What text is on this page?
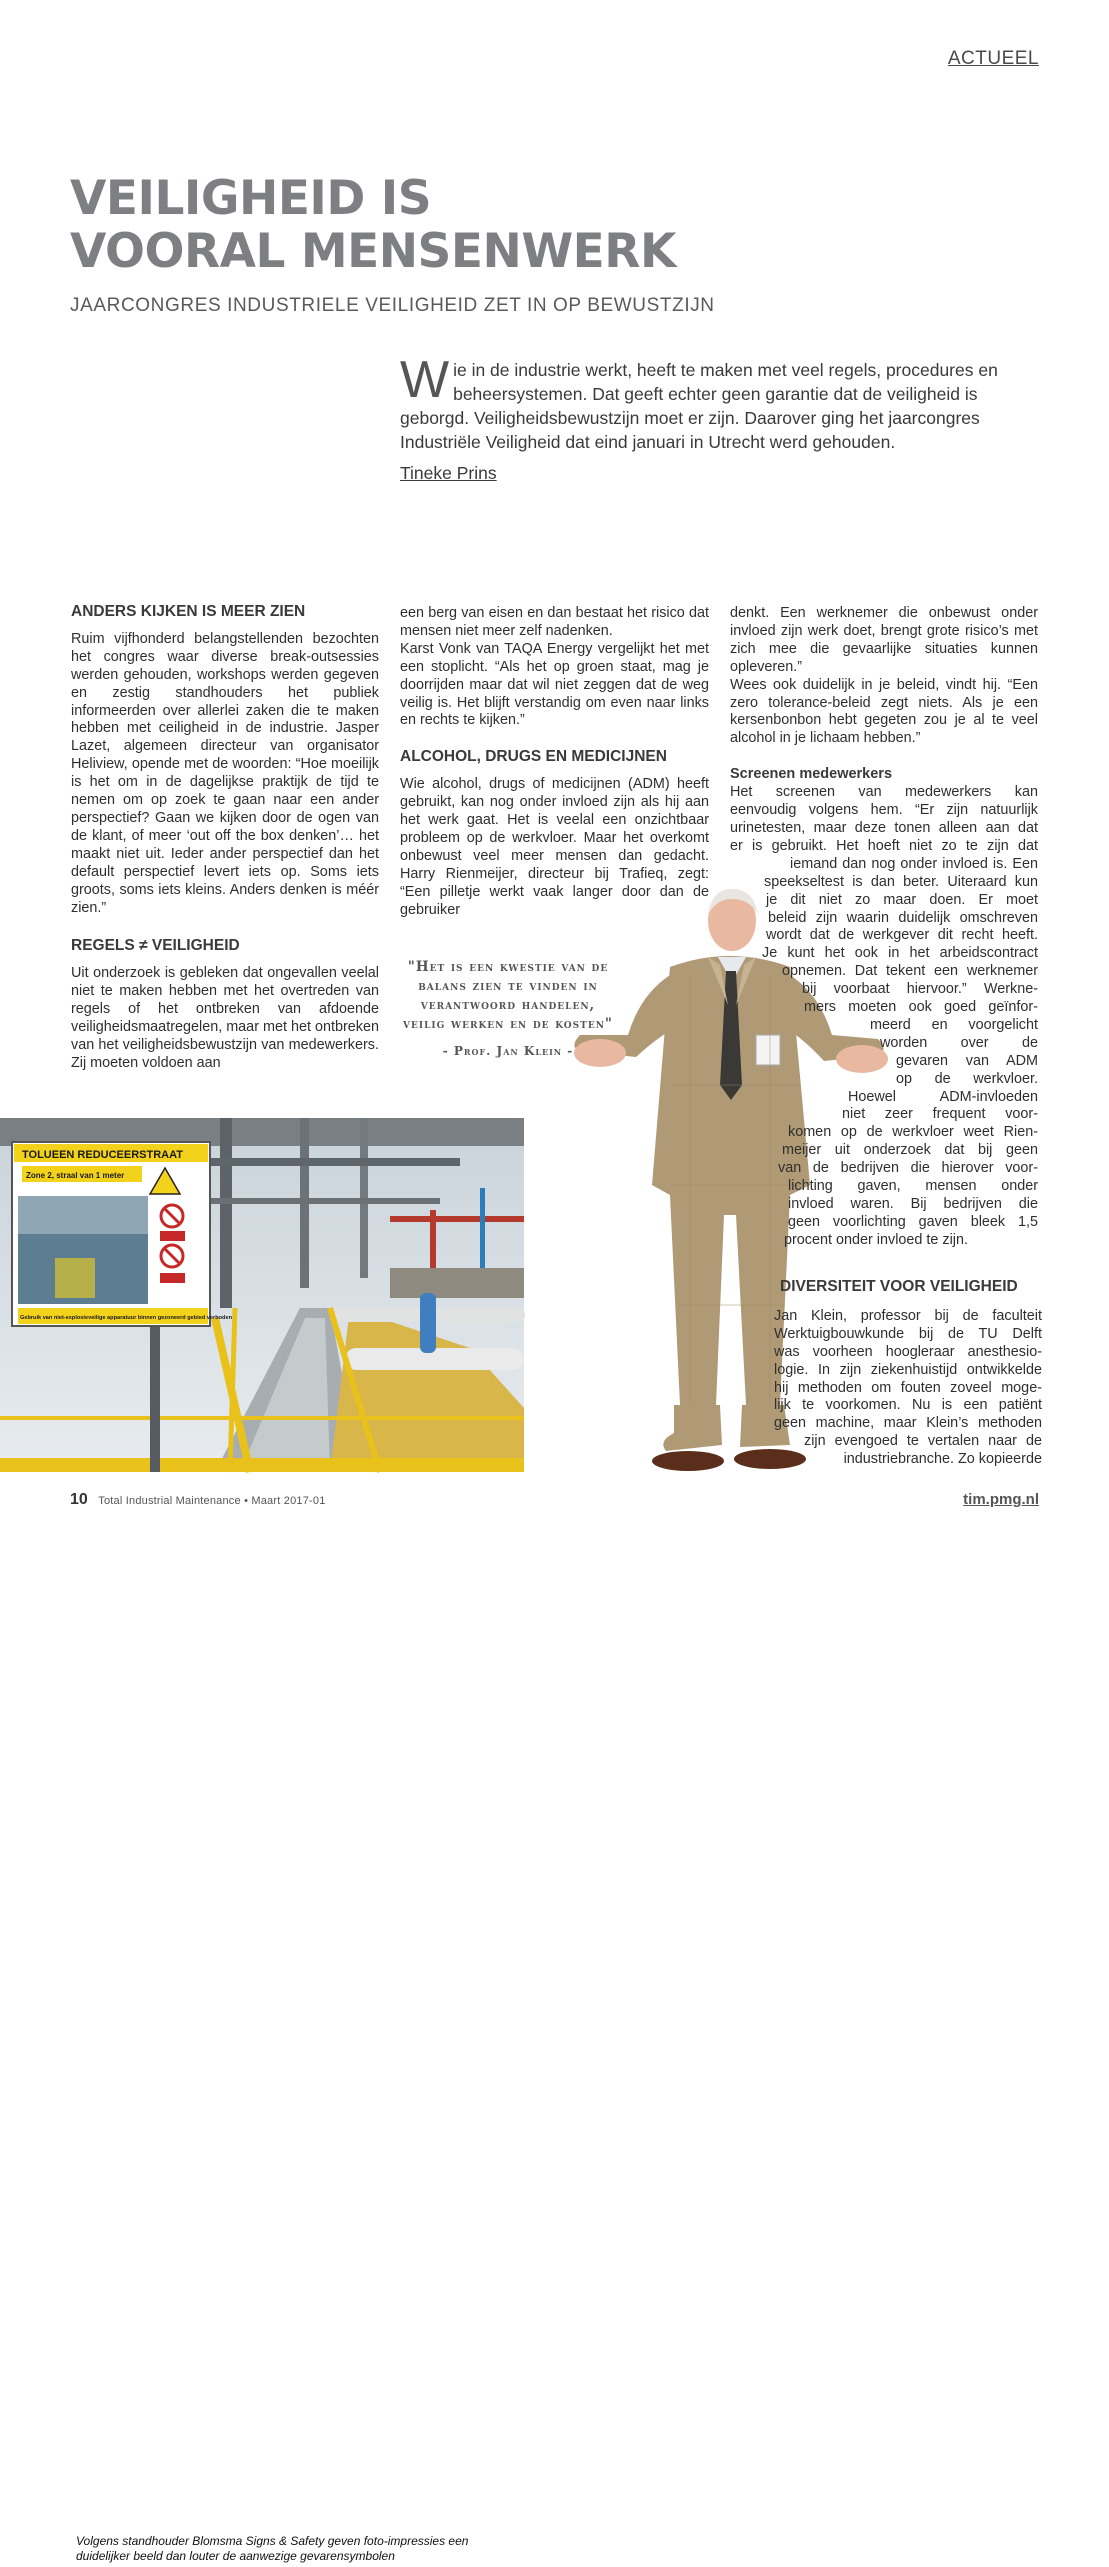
ACTUEEL
VEILIGHEID IS
VOORAL MENSENWERK
JAARCONGRES INDUSTRIELE VEILIGHEID ZET IN OP BEWUSTZIJN
W ie in de industrie werkt, heeft te maken met veel regels, procedures en beheersystemen. Dat geeft echter geen garantie dat de veiligheid is geborgd. Veiligheidsbewustzijn moet er zijn. Daarover ging het jaarcongres Industriële Veiligheid dat eind januari in Utrecht werd gehouden.
Tineke Prins
ANDERS KIJKEN IS MEER ZIEN

Ruim vijfhonderd belangstellenden bezochten het congres waar diverse break-outsessies werden gehouden, workshops werden gegeven en zestig standhouders het publiek informeerden over allerlei zaken die te maken hebben met ceiligheid in de industrie. Jasper Lazet, algemeen directeur van organisator Heliview, opende met de woorden: “Hoe moeilijk is het om in de dagelijkse praktijk de tijd te nemen om op zoek te gaan naar een ander perspectief? Gaan we kijken door de ogen van de klant, of meer ‘out off the box denken’… het maakt niet uit. Ieder ander perspectief dan het default perspectief levert iets op. Soms iets groots, soms iets kleins. Anders denken is méér zien.”

REGELS ≠ VEILIGHEID

Uit onderzoek is gebleken dat ongevallen veelal niet te maken hebben met het overtreden van regels of het ontbreken van afdoende veiligheidsmaatregelen, maar met het ontbreken van het veiligheidsbewustzijn van medewerkers. Zij moeten voldoen aan

een berg van eisen en dan bestaat het risico dat mensen niet meer zelf nadenken.

Karst Vonk van TAQA Energy vergelijkt het met een stoplicht. “Als het op groen staat, mag je doorrijden maar dat wil niet zeggen dat de weg veilig is. Het blijft verstandig om even naar links en rechts te kijken.”

ALCOHOL, DRUGS EN MEDICIJNEN

Wie alcohol, drugs of medicijnen (ADM) heeft gebruikt, kan nog onder invloed zijn als hij aan het werk gaat. Het is veelal een onzichtbaar probleem op de werkvloer. Maar het overkomt onbewust veel meer mensen dan gedacht. Harry Rienmeijer, directeur bij Trafieq, zegt: “Een pilletje werkt vaak langer door dan de gebruiker

"Het is een kwestie van de balans zien te vinden in verantwoord handelen, veilig werken en de kosten"
- Prof. Jan Klein -
TOLUEEN REDUCEERSTRAAT
Zone 2, straal van 1 meter
Gebruik van niet-explosieveilige apparatuur binnen gezoneerd gebied verboden
Volgens standhouder Blomsma Signs & Safety geven foto-impressies een duidelijker beeld dan louter de aanwezige gevarensymbolen

denkt. Een werknemer die onbewust onder invloed zijn werk doet, brengt grote risico’s met zich mee die gevaarlijke situaties kunnen opleveren.”

Wees ook duidelijk in je beleid, vindt hij. “Een zero tolerance-beleid zegt niets. Als je een kersenbonbon hebt gegeten zou je al te veel alcohol in je lichaam hebben.”

Screenen medewerkers
Het screenen van medewerkers kan
eenvoudig volgens hem. “Er zijn natuurlijk
urinetesten, maar deze tonen alleen aan dat
er is gebruikt. Het hoeft niet zo te zijn dat
iemand dan nog onder invloed is. Een
speekseltest is dan beter. Uiteraard kun
je dit niet zo maar doen. Er moet
beleid zijn waarin duidelijk omschreven
wordt dat de werkgever dit recht heeft.
Je kunt het ook in het arbeidscontract
opnemen. Dat tekent een werknemer
bij voorbaat hiervoor.” Werkne-
mers moeten ook goed geïnfor-
meerd en voorgelicht
worden over de
gevaren van ADM
op de werkvloer.
Hoewel ADM-invloeden
niet zeer frequent voor-
komen op de werkvloer weet Rien-
meijer uit onderzoek dat bij geen
van de bedrijven die hierover voor-
lichting gaven, mensen onder
invloed waren. Bij bedrijven die
geen voorlichting gaven bleek 1,5
procent onder invloed te zijn.
DIVERSITEIT VOOR VEILIGHEID
Jan Klein, professor bij de faculteit
Werktuigbouwkunde bij de TU Delft
was voorheen hoogleraar anesthesio-
logie. In zijn ziekenhuistijd ontwikkelde
hij methoden om fouten zoveel moge-
lijk te voorkomen. Nu is een patiënt
geen machine, maar Klein’s methoden
zijn evengoed te vertalen naar de
industriebranche. Zo kopieerde
10 Total Industrial Maintenance • Maart 2017-01	tim.pmg.nl
